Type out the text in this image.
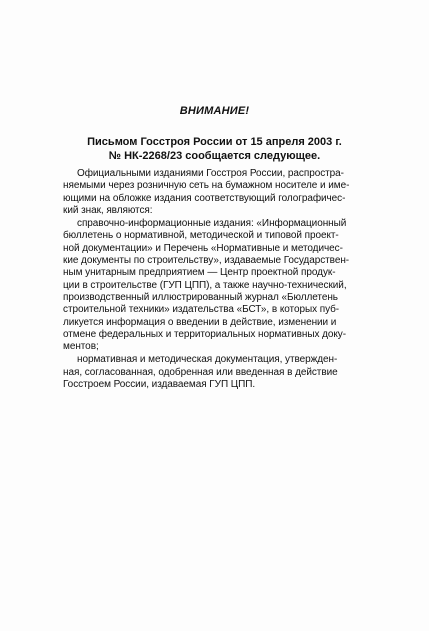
ВНИМАНИЕ!
Письмом Госстроя России от 15 апреля 2003 г.
№ НК-2268/23 сообщается следующее.
Официальными изданиями Госстроя России, распростра-
няемыми через розничную сеть на бумажном носителе и име-
ющими на обложке издания соответствующий голографичес-
кий знак, являются:
справочно-информационные издания: «Информационный
бюллетень о нормативной, методической и типовой проект-
ной документации» и Перечень «Нормативные и методичес-
кие документы по строительству», издаваемые Государствен-
ным унитарным предприятием — Центр проектной продук-
ции в строительстве (ГУП ЦПП), а также научно-технический,
производственный иллюстрированный журнал «Бюллетень
строительной техники» издательства «БСТ», в которых пуб-
ликуется информация о введении в действие, изменении и
отмене федеральных и территориальных нормативных доку-
ментов;
нормативная и методическая документация, утвержден-
ная, согласованная, одобренная или введенная в действие
Госстроем России, издаваемая ГУП ЦПП.
